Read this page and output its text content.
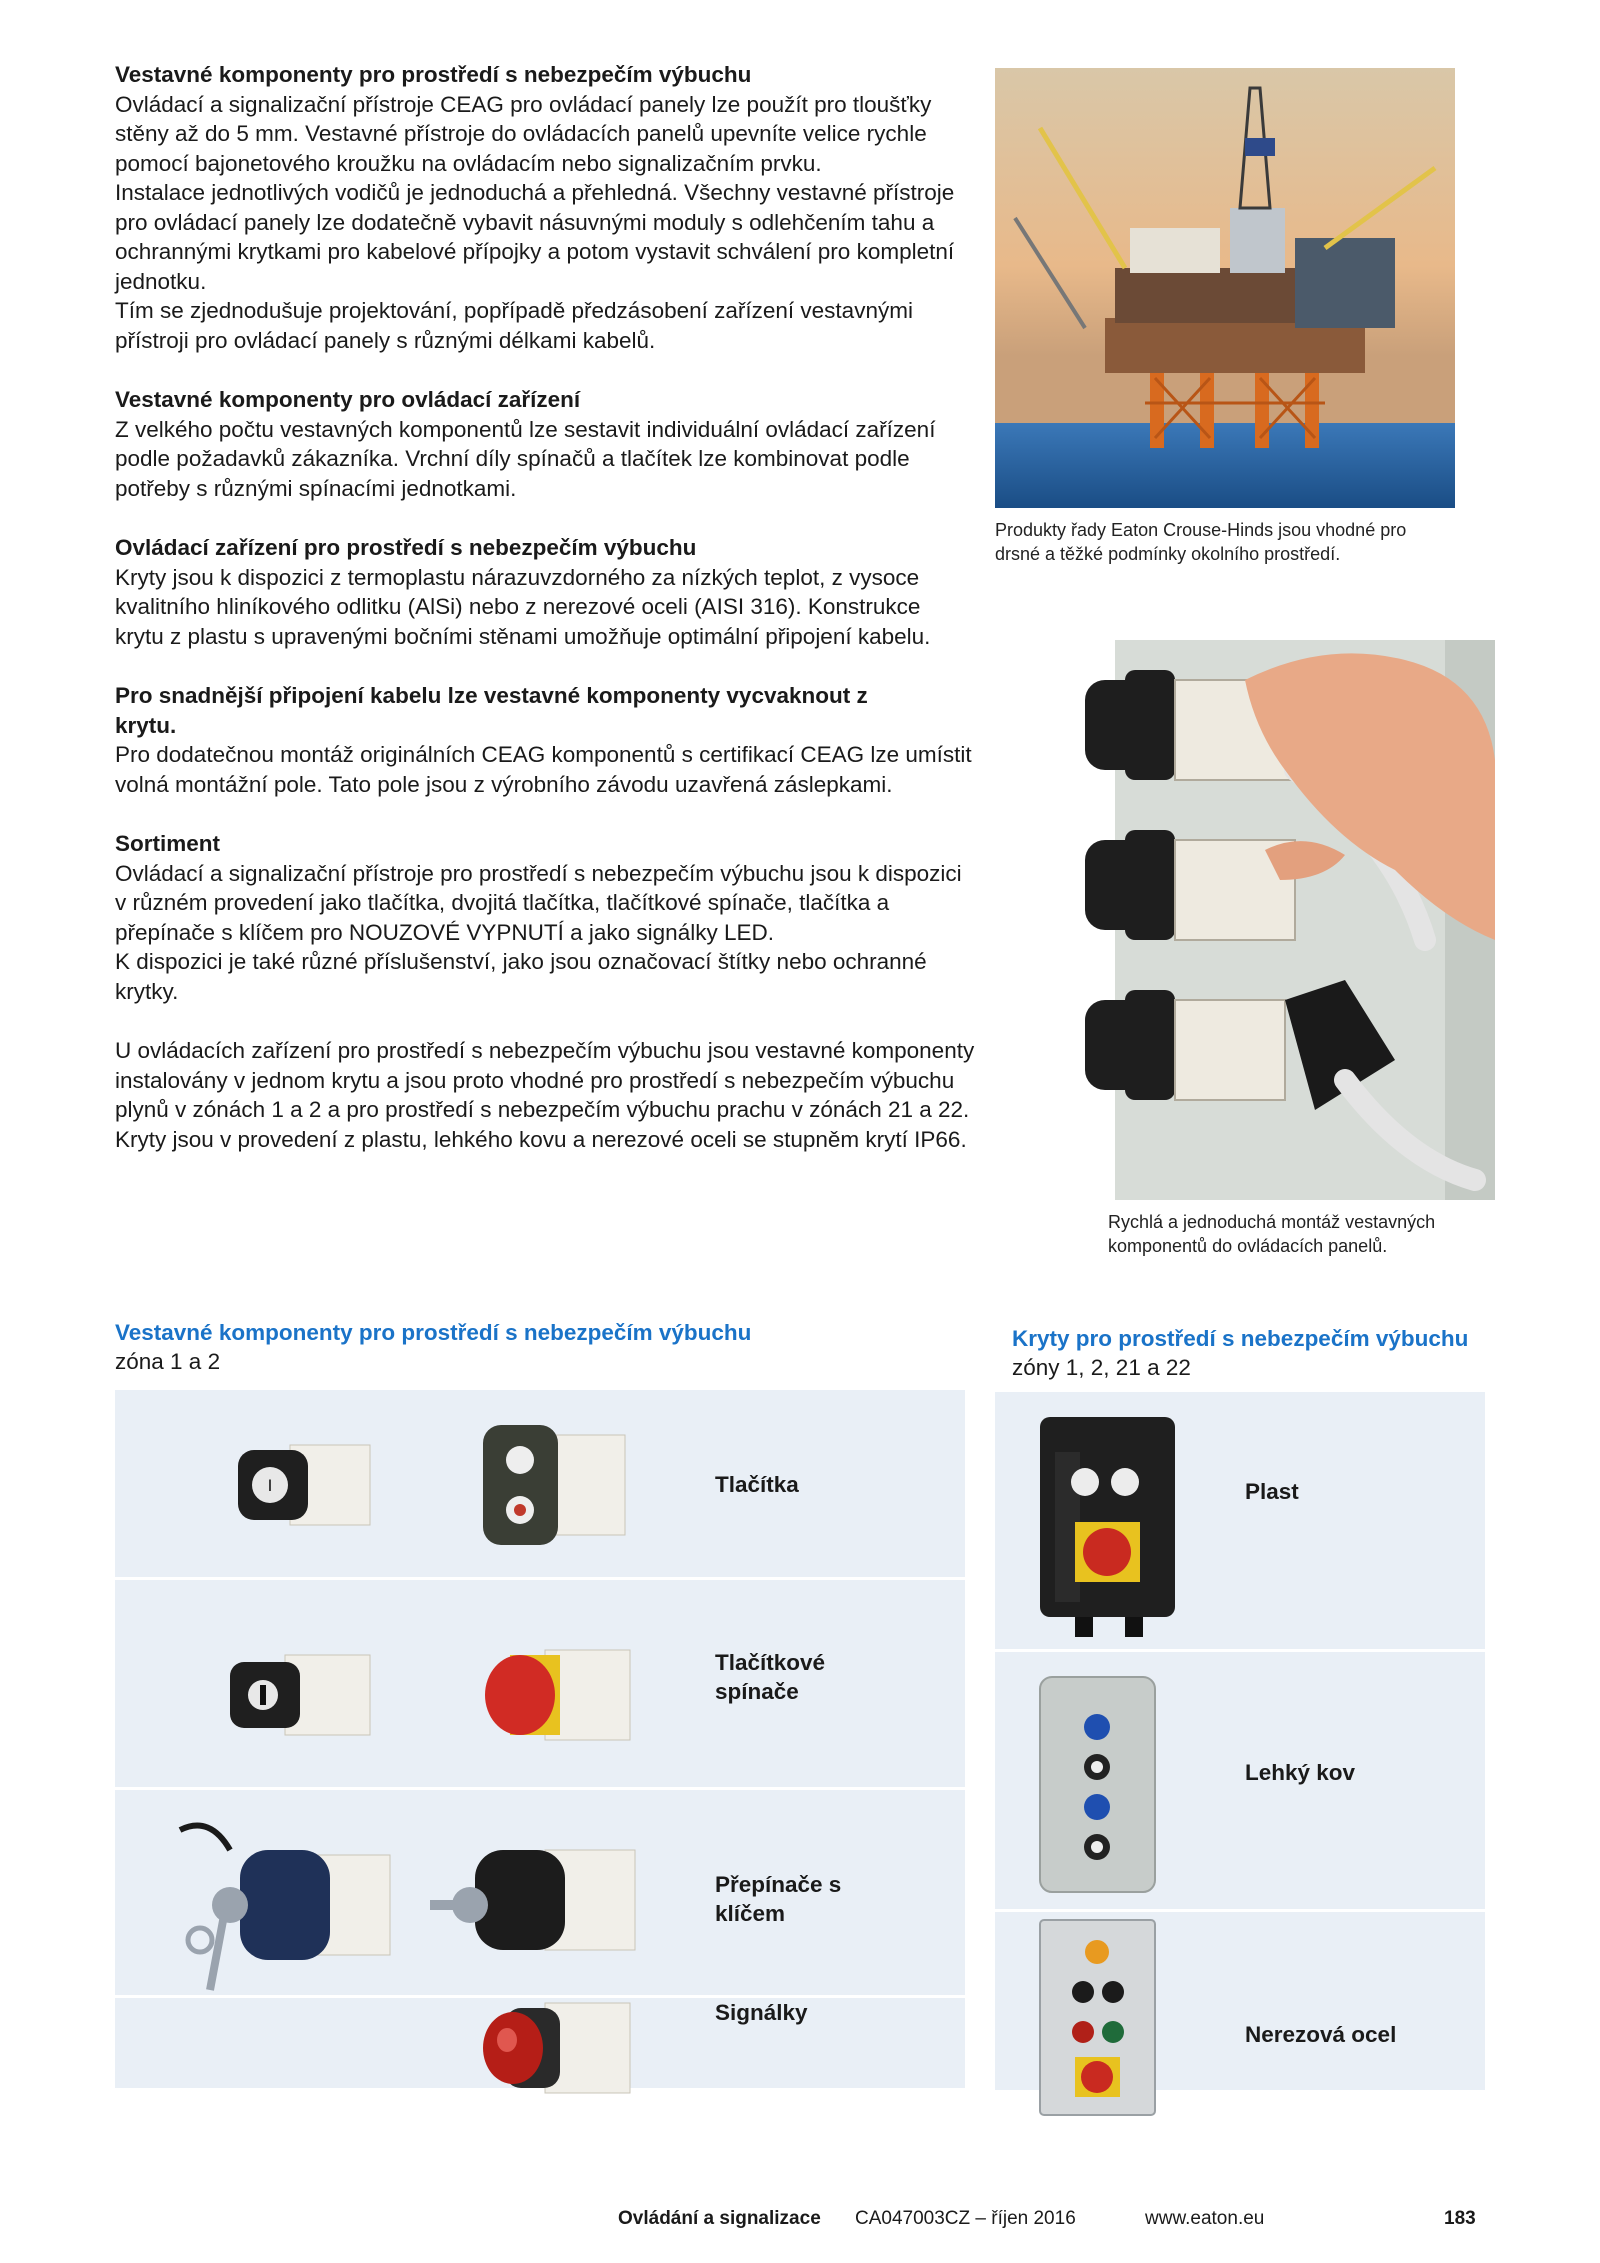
Vestavné komponenty pro prostředí s nebezpečím výbuchu

Ovládací a signalizační přístroje CEAG pro ovládací panely lze použít pro tloušťky stěny až do 5 mm. Vestavné přístroje do ovládacích panelů upevníte velice rychle pomocí bajonetového kroužku na ovládacím nebo signalizačním prvku.

Instalace jednotlivých vodičů je jednoduchá a přehledná. Všechny vestavné přístroje pro ovládací panely lze dodatečně vybavit násuvnými moduly s odlehčením tahu a ochrannými krytkami pro kabelové přípojky a potom vystavit schválení pro kompletní jednotku.

Tím se zjednodušuje projektování, popřípadě předzásobení zařízení vestavnými přístroji pro ovládací panely s různými délkami kabelů.

Vestavné komponenty pro ovládací zařízení

Z velkého počtu vestavných komponentů lze sestavit individuální ovládací zařízení podle požadavků zákazníka. Vrchní díly spínačů a tlačítek lze kombinovat podle potřeby s různými spínacími jednotkami.

Ovládací zařízení pro prostředí s nebezpečím výbuchu

Kryty jsou k dispozici z termoplastu nárazuvzdorného za nízkých teplot, z vysoce kvalitního hliníkového odlitku (AlSi) nebo z nerezové oceli (AISI 316). Konstrukce krytu z plastu s upravenými bočními stěnami umožňuje optimální připojení kabelu.

Pro snadnější připojení kabelu lze vestavné komponenty vycvaknout z krytu.

Pro dodatečnou montáž originálních CEAG komponentů s certifikací CEAG lze umístit volná montážní pole. Tato pole jsou z výrobního závodu uzavřená záslepkami.

Sortiment

Ovládací a signalizační přístroje pro prostředí s nebezpečím výbuchu jsou k dispozici v různém provedení jako tlačítka, dvojitá tlačítka, tlačítkové spínače, tlačítka a přepínače s klíčem pro NOUZOVÉ VYPNUTÍ a jako signálky LED.

K dispozici je také různé příslušenství, jako jsou označovací štítky nebo ochranné krytky.

U ovládacích zařízení pro prostředí s nebezpečím výbuchu jsou vestavné komponenty instalovány v jednom krytu a jsou proto vhodné pro prostředí s nebezpečím výbuchu plynů v zónách 1 a 2 a pro prostředí s nebezpečím výbuchu prachu v zónách 21 a 22. Kryty jsou v provedení z plastu, lehkého kovu a nerezové oceli se stupněm krytí IP66.

Produkty řady Eaton Crouse-Hinds jsou vhodné pro drsné a těžké podmínky okolního prostředí.
Rychlá a jednoduchá montáž vestavných komponentů do ovládacích panelů.
Vestavné komponenty pro prostředí s nebezpečím výbuchu
zóna 1 a 2
I	Tlačítka
Tlačítkové spínače
Přepínače s klíčem
Signálky
Kryty pro prostředí s nebezpečím výbuchu
zóny 1, 2, 21 a 22
Plast
Lehký kov
Nerezová ocel
Ovládání a signalizace CA047003CZ – říjen 2016	www.eaton.eu	183
